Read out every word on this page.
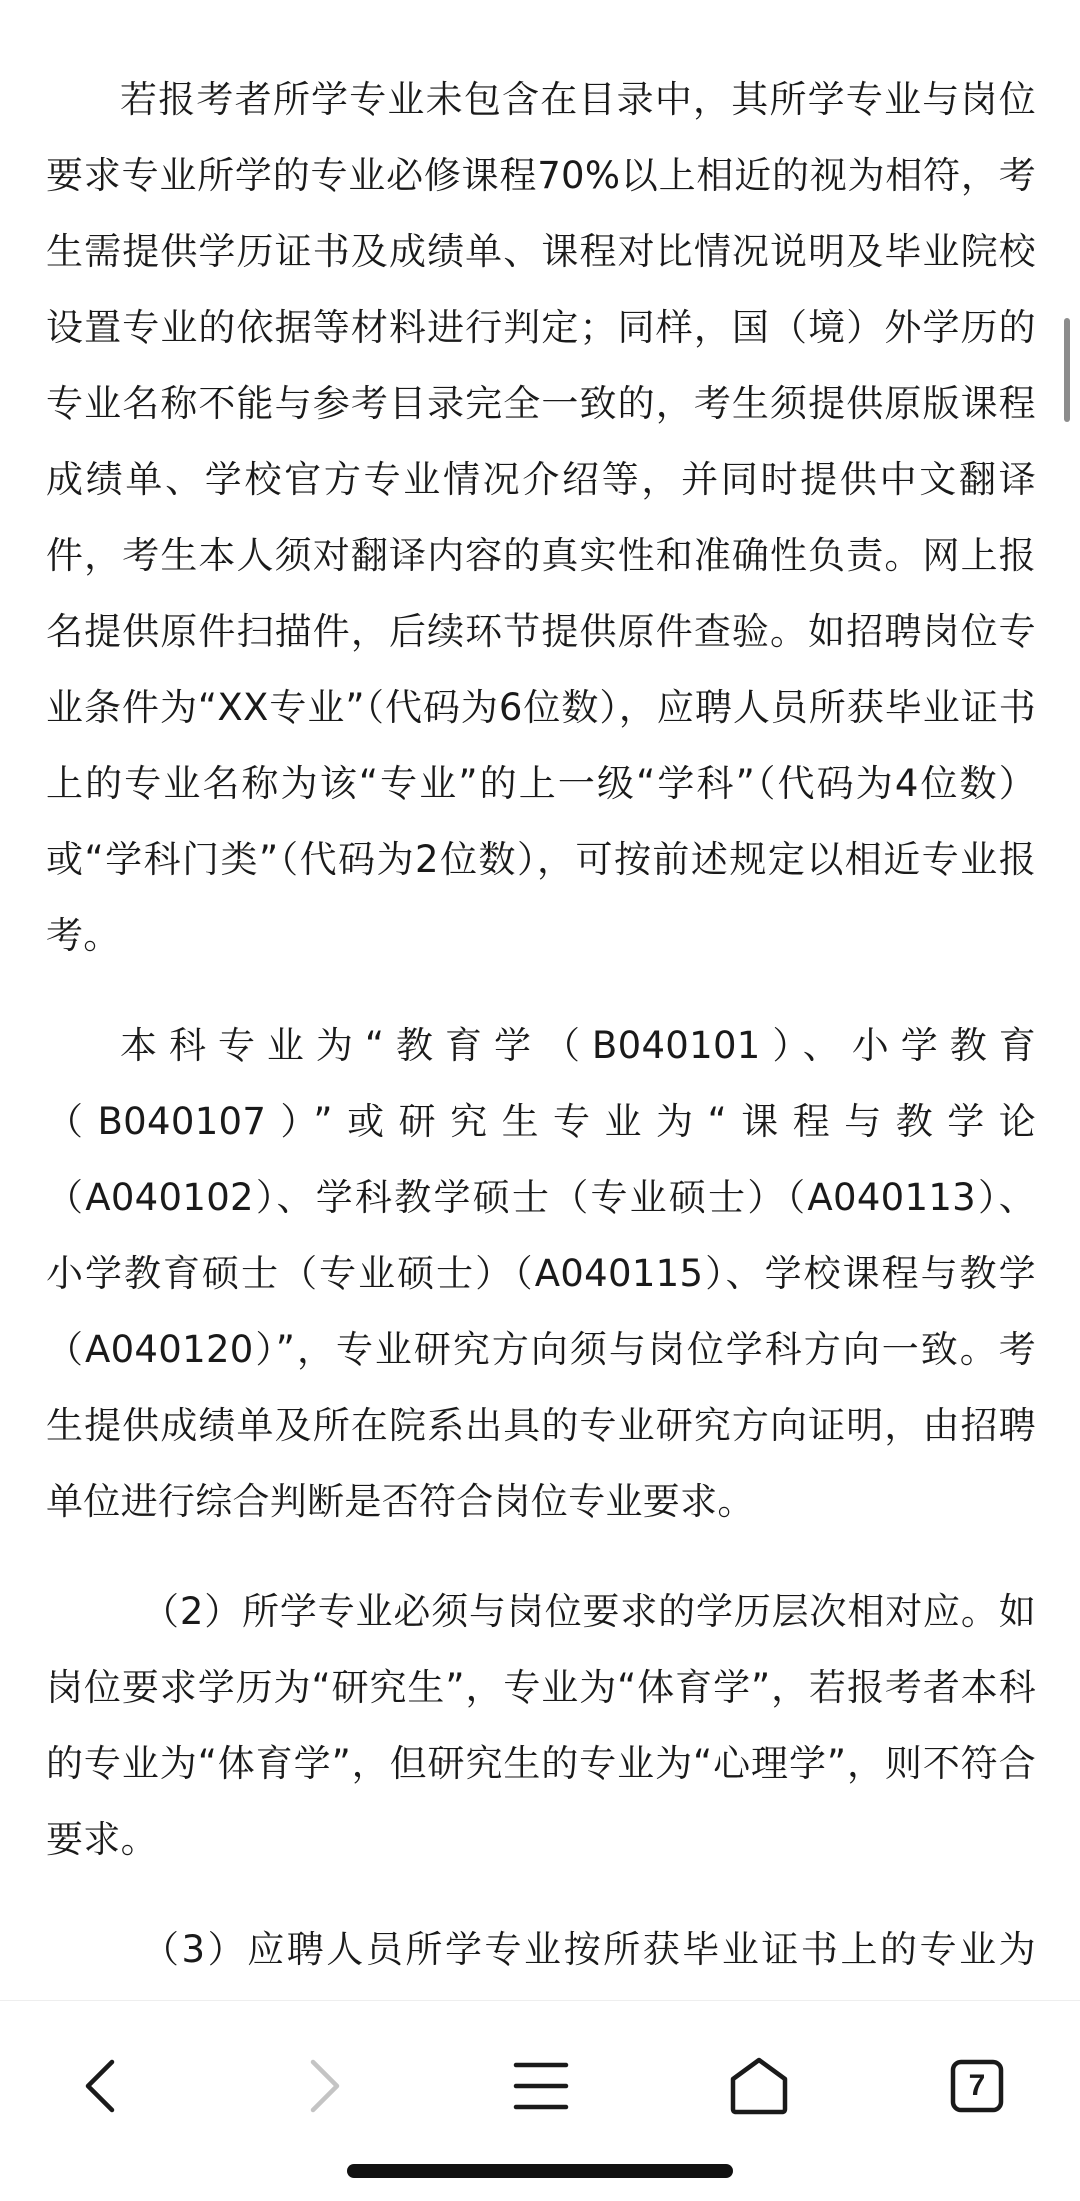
若报考者所学专业未包含在目录中，其所学专业与岗位要求专业所学的专业必修课程70%以上相近的视为相符，考生需提供学历证书及成绩单、课程对比情况说明及毕业院校设置专业的依据等材料进行判定；同样，国（境）外学历的专业名称不能与参考目录完全一致的，考生须提供原版课程成绩单、学校官方专业情况介绍等，并同时提供中文翻译件，考生本人须对翻译内容的真实性和准确性负责。网上报名提供原件扫描件，后续环节提供原件查验。如招聘岗位专业条件为“XX专业”（代码为6位数），应聘人员所获毕业证书上的专业名称为该“专业”的上一级“学科”（代码为4位数）或“学科门类”（代码为2位数），可按前述规定以相近专业报考。

本科专业为“教育学（B040101）、小学教育（B040107）”或研究生专业为“课程与教学论（A040102）、学科教学硕士（专业硕士）（A040113）、小学教育硕士（专业硕士）（A040115）、学校课程与教学（A040120）”，专业研究方向须与岗位学科方向一致。考生提供成绩单及所在院系出具的专业研究方向证明，由招聘单位进行综合判断是否符合岗位专业要求。

（2）所学专业必须与岗位要求的学历层次相对应。如岗位要求学历为“研究生”，专业为“体育学”，若报考者本科的专业为“体育学”，但研究生的专业为“心理学”，则不符合要求。

（3）应聘人员所学专业按所获毕业证书上的专业为

7
